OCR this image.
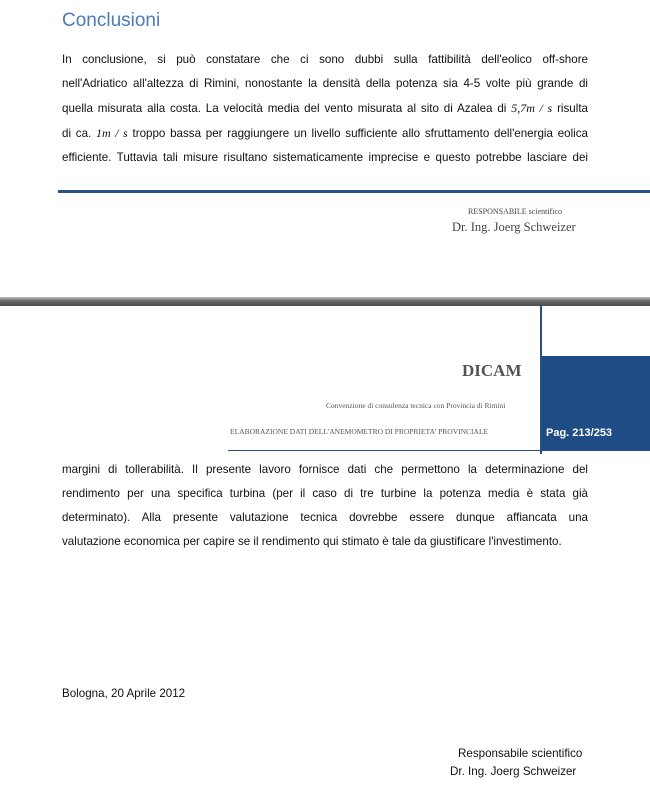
Conclusioni
In conclusione, si può constatare che ci sono dubbi sulla fattibilità dell'eolico off-shore
nell'Adriatico all'altezza di Rimini, nonostante la densità della potenza sia 4-5 volte più grande di
quella misurata alla costa. La velocità media del vento misurata al sito di Azalea di 5,7m / s risulta
di ca. 1m / s troppo bassa per raggiungere un livello sufficiente allo sfruttamento dell'energia eolica
efficiente. Tuttavia tali misure risultano sistematicamente imprecise e questo potrebbe lasciare dei
RESPONSABILE scientifico
Dr. Ing. Joerg Schweizer
DICAM
Convenzione di consulenza tecnica con Provincia di Rimini
ELABORAZIONE DATI DELL'ANEMOMETRO DI PROPRIETA' PROVINCIALE	Pag. 213/253
margini di tollerabilità. Il presente lavoro fornisce dati che permettono la determinazione del
rendimento per una specifica turbina (per il caso di tre turbine la potenza media è stata già
determinato). Alla presente valutazione tecnica dovrebbe essere dunque affiancata una
valutazione economica per capire se il rendimento qui stimato è tale da giustificare l'investimento.
Bologna, 20 Aprile 2012
Responsabile scientifico
Dr. Ing. Joerg Schweizer
